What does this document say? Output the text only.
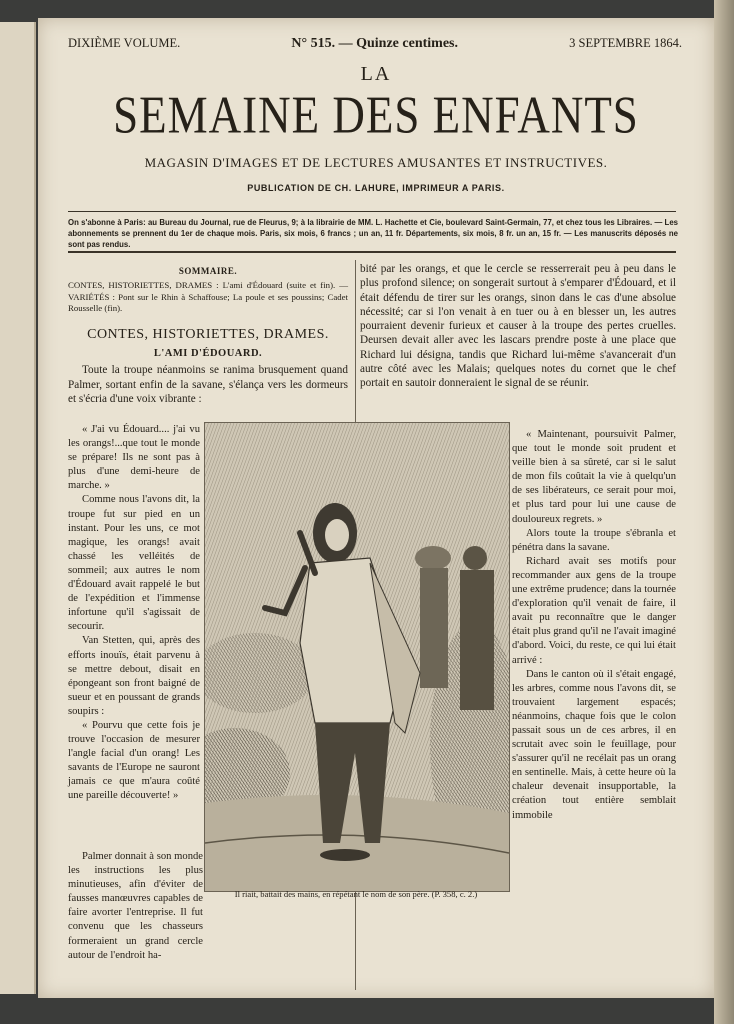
DIXIÈME VOLUME.	N° 515. — Quinze centimes.	3 SEPTEMBRE 1864.
LA
SEMAINE DES ENFANTS
MAGASIN D'IMAGES ET DE LECTURES AMUSANTES ET INSTRUCTIVES.
PUBLICATION DE CH. LAHURE, IMPRIMEUR A PARIS.
On s'abonne à Paris: au Bureau du Journal, rue de Fleurus, 9; à la librairie de MM. L. Hachette et Cie, boulevard Saint-Germain, 77, et chez tous les Libraires. — Les abonnements se prennent du 1er de chaque mois. Paris, six mois, 6 francs ; un an, 11 fr. Départements, six mois, 8 fr. un an, 15 fr. — Les manuscrits déposés ne sont pas rendus.
SOMMAIRE.
CONTES, HISTORIETTES, DRAMES : L'ami d'Édouard (suite et fin). — VARIÉTÉS : Pont sur le Rhin à Schaffouse; La poule et ses poussins; Cadet Rousselle (fin).
CONTES, HISTORIETTES, DRAMES.
L'AMI D'ÉDOUARD.

Toute la troupe néanmoins se ranima brusquement quand Palmer, sortant enfin de la savane, s'élança vers les dormeurs et s'écria d'une voix vibrante :

« J'ai vu Édouard.... j'ai vu les orangs!...que tout le monde se prépare! Ils ne sont pas à plus d'une demi-heure de marche. »

Comme nous l'avons dit, la troupe fut sur pied en un instant. Pour les uns, ce mot magique, les orangs! avait chassé les velléités de sommeil; aux autres le nom d'Édouard avait rappelé le but de l'expédition et l'immense infortune qu'il s'agissait de secourir.

Van Stetten, qui, après des efforts inouïs, était parvenu à se mettre debout, disait en épongeant son front baigné de sueur et en poussant de grands soupirs :

« Pourvu que cette fois je trouve l'occasion de mesurer l'angle facial d'un orang! Les savants de l'Europe ne sauront jamais ce que m'aura coûté une pareille découverte! »

Palmer donnait à son monde les instructions les plus minutieuses, afin d'éviter de fausses manœuvres capables de faire avorter l'entreprise. Il fut convenu que les chasseurs formeraient un grand cercle autour de l'endroit ha-

bité par les orangs, et que le cercle se resserrerait peu à peu dans le plus profond silence; on songerait surtout à s'emparer d'Édouard, et il était défendu de tirer sur les orangs, sinon dans le cas d'une absolue nécessité; car si l'on venait à en tuer ou à en blesser un, les autres pourraient devenir furieux et causer à la troupe des pertes cruelles. Deursen devait aller avec les lascars prendre poste à une place que Richard lui désigna, tandis que Richard lui-même s'avancerait d'un autre côté avec les Malais; quelques notes du cornet que le chef portait en sautoir donneraient le signal de se réunir.

« Maintenant, poursuivit Palmer, que tout le monde soit prudent et veille bien à sa sûreté, car si le salut de mon fils coûtait la vie à quelqu'un de ses libérateurs, ce serait pour moi, et plus tard pour lui une cause de douloureux regrets. »

Alors toute la troupe s'ébranla et pénétra dans la savane.

Richard avait ses motifs pour recommander aux gens de la troupe une extrême prudence; dans la tournée d'exploration qu'il venait de faire, il avait pu reconnaître que le danger était plus grand qu'il ne l'avait imaginé d'abord. Voici, du reste, ce qui lui était arrivé :

Dans le canton où il s'était engagé, les arbres, comme nous l'avons dit, se trouvaient largement espacés; néanmoins, chaque fois que le colon passait sous un de ces arbres, il en scrutait avec soin le feuillage, pour s'assurer qu'il ne recélait pas un orang en sentinelle. Mais, à cette heure où la chaleur devenait insupportable, la création tout entière semblait immobile

Il riait, battait des mains, en répétant le nom de son père. (P. 358, c. 2.)
